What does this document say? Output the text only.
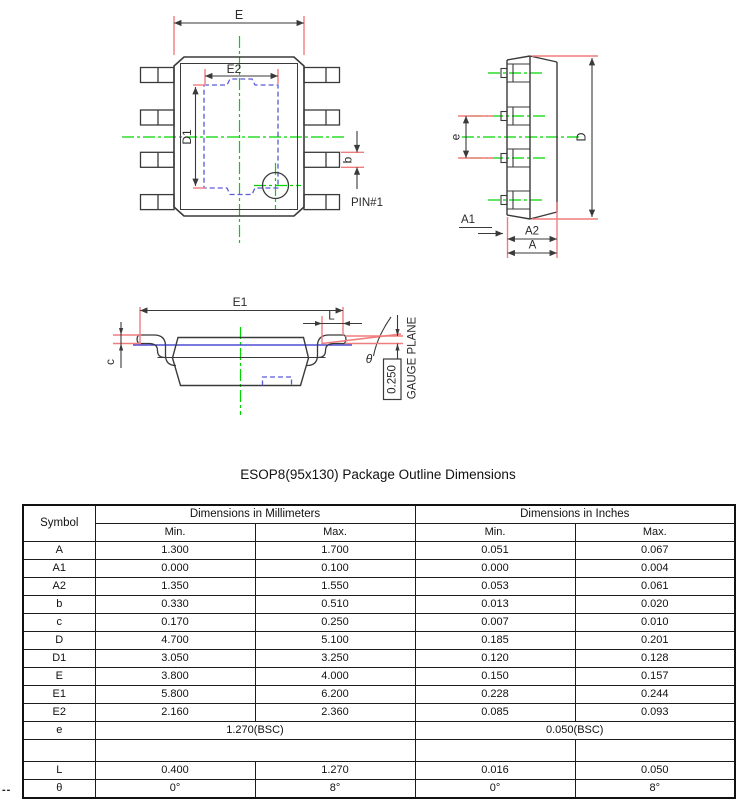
E
E2
D1
b
PIN#1
e	D
A1
A2
A
E1
L
c	θ
0.250 GAUGE PLANE
ESOP8(95x130) Package Outline Dimensions
Symbol	Dimensions in Millimeters		Dimensions in Inches	
	Min.	Max.	Min.	Max.
A	1.300	1.700	0.051	0.067
A1	0.000	0.100	0.000	0.004
A2	1.350	1.550	0.053	0.061
b	0.330	0.510	0.013	0.020
c	0.170	0.250	0.007	0.010
D	4.700	5.100	0.185	0.201
D1	3.050	3.250	0.120	0.128
E	3.800	4.000	0.150	0.157
E1	5.800	6.200	0.228	0.244
E2	2.160	2.360	0.085	0.093
e	1.270(BSC)		0.050(BSC)	

L	0.400	1.270	0.016	0.050
θ	0°	8°	0°	8°
--
